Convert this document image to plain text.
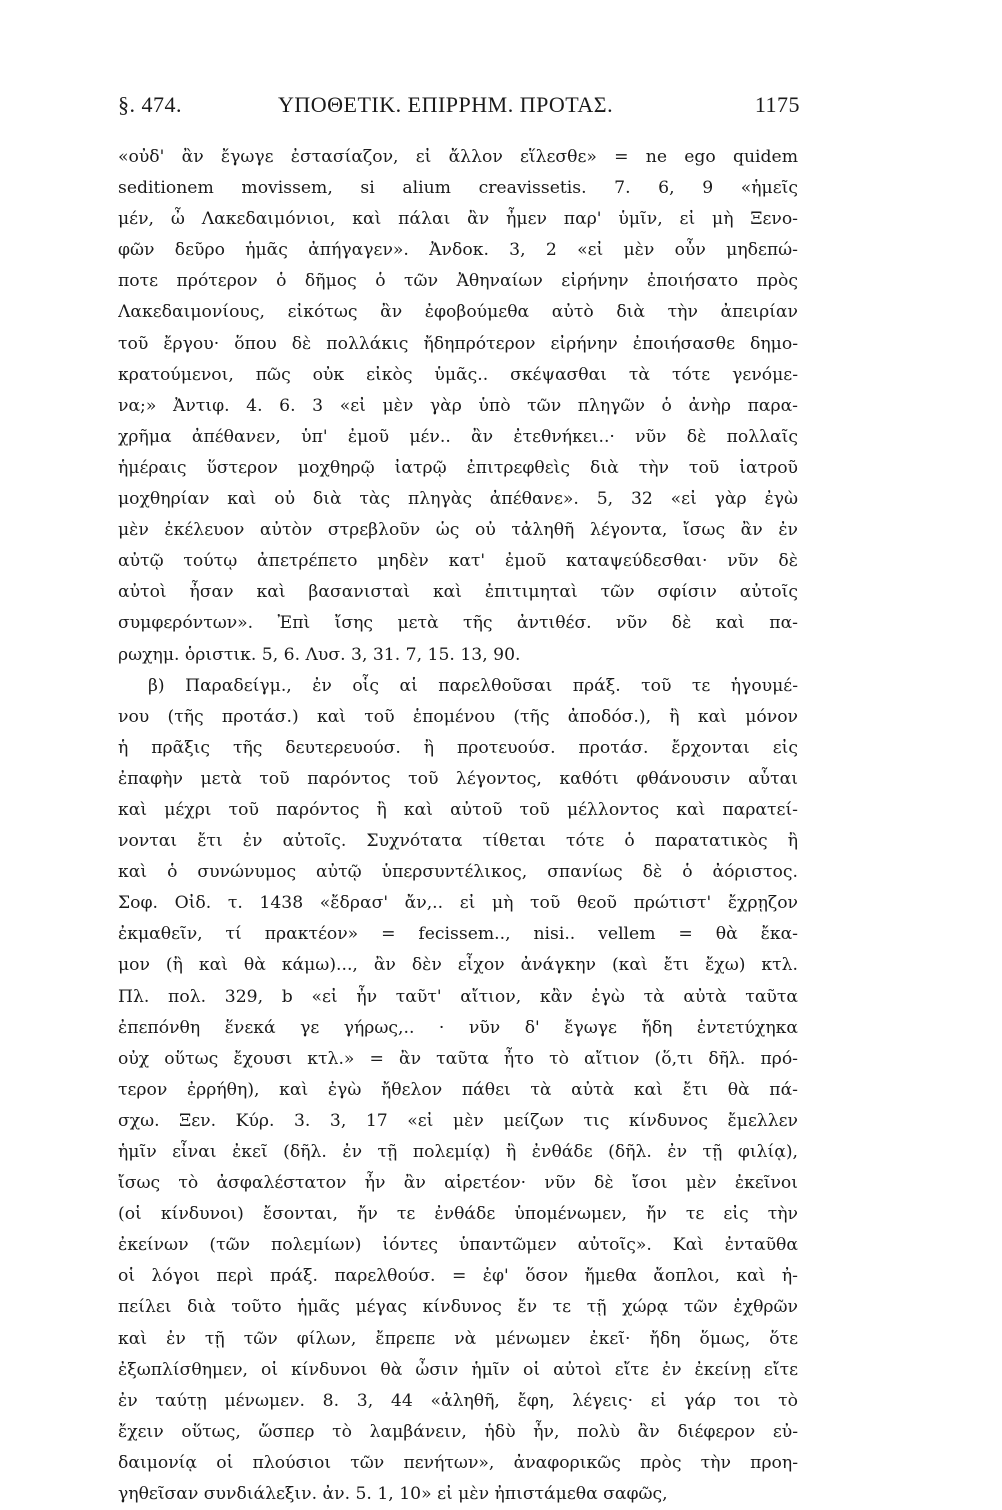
§. 474.	ΥΠΟΘΕΤΙΚ. ΕΠΙΡΡΗΜ. ΠΡΟΤΑΣ.	1175
«οὐδ' ἂν ἔγωγε ἐστασίαζον, εἰ ἄλλον εἵλεσθε» = ne ego quidem
seditionem movissem, si alium creavissetis. 7. 6, 9 «ἡμεῖς
μέν, ὦ Λακεδαιμόνιοι, καὶ πάλαι ἂν ἦμεν παρ' ὑμῖν, εἰ μὴ Ξενο-
φῶν δεῦρο ἡμᾶς ἀπήγαγεν». Ἀνδοκ. 3, 2 «εἰ μὲν οὖν μηδεπώ-
ποτε πρότερον ὁ δῆμος ὁ τῶν Ἀθηναίων εἰρήνην ἐποιήσατο πρὸς
Λακεδαιμονίους, εἰκότως ἂν ἐφοβούμεθα αὐτὸ διὰ τὴν ἀπειρίαν
τοῦ ἔργου· ὅπου δὲ πολλάκις ἤδηπρότερον εἰρήνην ἐποιήσασθε δημο-
κρατούμενοι, πῶς οὐκ εἰκὸς ὑμᾶς.. σκέψασθαι τὰ τότε γενόμε-
να;» Ἀντιφ. 4. 6. 3 «εἰ μὲν γὰρ ὑπὸ τῶν πληγῶν ὁ ἀνὴρ παρα-
χρῆμα ἀπέθανεν, ὑπ' ἐμοῦ μέν.. ἂν ἐτεθνήκει..· νῦν δὲ πολλαῖς
ἡμέραις ὕστερον μοχθηρῷ ἰατρῷ ἐπιτρεφθεὶς διὰ τὴν τοῦ ἰατροῦ
μοχθηρίαν καὶ οὐ διὰ τὰς πληγὰς ἀπέθανε». 5, 32 «εἰ γὰρ ἐγὼ
μὲν ἐκέλευον αὐτὸν στρεβλοῦν ὡς οὐ τἀληθῆ λέγοντα, ἴσως ἂν ἐν
αὐτῷ τούτῳ ἀπετρέπετο μηδὲν κατ' ἐμοῦ καταψεύδεσθαι· νῦν δὲ
αὐτοὶ ἦσαν καὶ βασανισταὶ καὶ ἐπιτιμηταὶ τῶν σφίσιν αὐτοῖς
συμφερόντων». Ἐπὶ ἴσης μετὰ τῆς ἀντιθέσ. νῦν δὲ καὶ πα-
ρωχημ. ὁριστικ. 5, 6. Λυσ. 3, 31. 7, 15. 13, 90.
β) Παραδείγμ., ἐν οἷς αἱ παρελθοῦσαι πράξ. τοῦ τε ἡγουμέ-
νου (τῆς προτάσ.) καὶ τοῦ ἑπομένου (τῆς ἀποδόσ.), ἢ καὶ μόνον
ἡ πρᾶξις τῆς δευτερευούσ. ἢ προτευούσ. προτάσ. ἔρχονται εἰς
ἐπαφὴν μετὰ τοῦ παρόντος τοῦ λέγοντος, καθότι φθάνουσιν αὗται
καὶ μέχρι τοῦ παρόντος ἢ καὶ αὐτοῦ τοῦ μέλλοντος καὶ παρατεί-
νονται ἔτι ἐν αὐτοῖς. Συχνότατα τίθεται τότε ὁ παρατατικὸς ἢ
καὶ ὁ συνώνυμος αὐτῷ ὑπερσυντέλικος, σπανίως δὲ ὁ ἀόριστος.
Σοφ. Οἰδ. τ. 1438 «ἔδρασ' ἄν,.. εἰ μὴ τοῦ θεοῦ πρώτιστ' ἔχρῃζον
ἐκμαθεῖν, τί πρακτέον» = fecissem.., nisi.. vellem = θὰ ἔκα-
μον (ἢ καὶ θὰ κάμω)..., ἂν δὲν εἶχον ἀνάγκην (καὶ ἔτι ἔχω) κτλ.
Πλ. πολ. 329, b «εἰ ἦν ταῦτ' αἴτιον, κἂν ἐγὼ τὰ αὐτὰ ταῦτα
ἐπεπόνθη ἕνεκά γε γήρως,.. · νῦν δ' ἔγωγε ἤδη ἐντετύχηκα
οὐχ οὕτως ἔχουσι κτλ.» = ἂν ταῦτα ἦτο τὸ αἴτιον (ὅ,τι δῆλ. πρό-
τερον ἐρρήθη), καὶ ἐγὼ ἤθελον πάθει τὰ αὐτὰ καὶ ἔτι θὰ πά-
σχω. Ξεν. Κύρ. 3. 3, 17 «εἰ μὲν μείζων τις κίνδυνος ἔμελλεν
ἡμῖν εἶναι ἐκεῖ (δῆλ. ἐν τῇ πολεμίᾳ) ἢ ἐνθάδε (δῆλ. ἐν τῇ φιλίᾳ),
ἴσως τὸ ἀσφαλέστατον ἦν ἂν αἱρετέον· νῦν δὲ ἴσοι μὲν ἐκεῖνοι
(οἱ κίνδυνοι) ἔσονται, ἤν τε ἐνθάδε ὑπομένωμεν, ἤν τε εἰς τὴν
ἐκείνων (τῶν πολεμίων) ἰόντες ὑπαντῶμεν αὐτοῖς». Καὶ ἐνταῦθα
οἱ λόγοι περὶ πράξ. παρελθούσ. = ἐφ' ὅσον ἤμεθα ἄοπλοι, καὶ ἠ-
πείλει διὰ τοῦτο ἡμᾶς μέγας κίνδυνος ἔν τε τῇ χώρᾳ τῶν ἐχθρῶν
καὶ ἐν τῇ τῶν φίλων, ἔπρεπε νὰ μένωμεν ἐκεῖ· ἤδη ὅμως, ὅτε
ἐξωπλίσθημεν, οἱ κίνδυνοι θὰ ὦσιν ἡμῖν οἱ αὐτοὶ εἴτε ἐν ἐκείνῃ εἴτε
ἐν ταύτῃ μένωμεν. 8. 3, 44 «ἀληθῆ, ἔφη, λέγεις· εἰ γάρ τοι τὸ
ἔχειν οὕτως, ὥσπερ τὸ λαμβάνειν, ἡδὺ ἦν, πολὺ ἂν διέφερον εὐ-
δαιμονίᾳ οἱ πλούσιοι τῶν πενήτων», ἀναφορικῶς πρὸς τὴν προη-
γηθεῖσαν συνδιάλεξιν. ἀν. 5. 1, 10» εἰ μὲν ἠπιστάμεθα σαφῶς,
